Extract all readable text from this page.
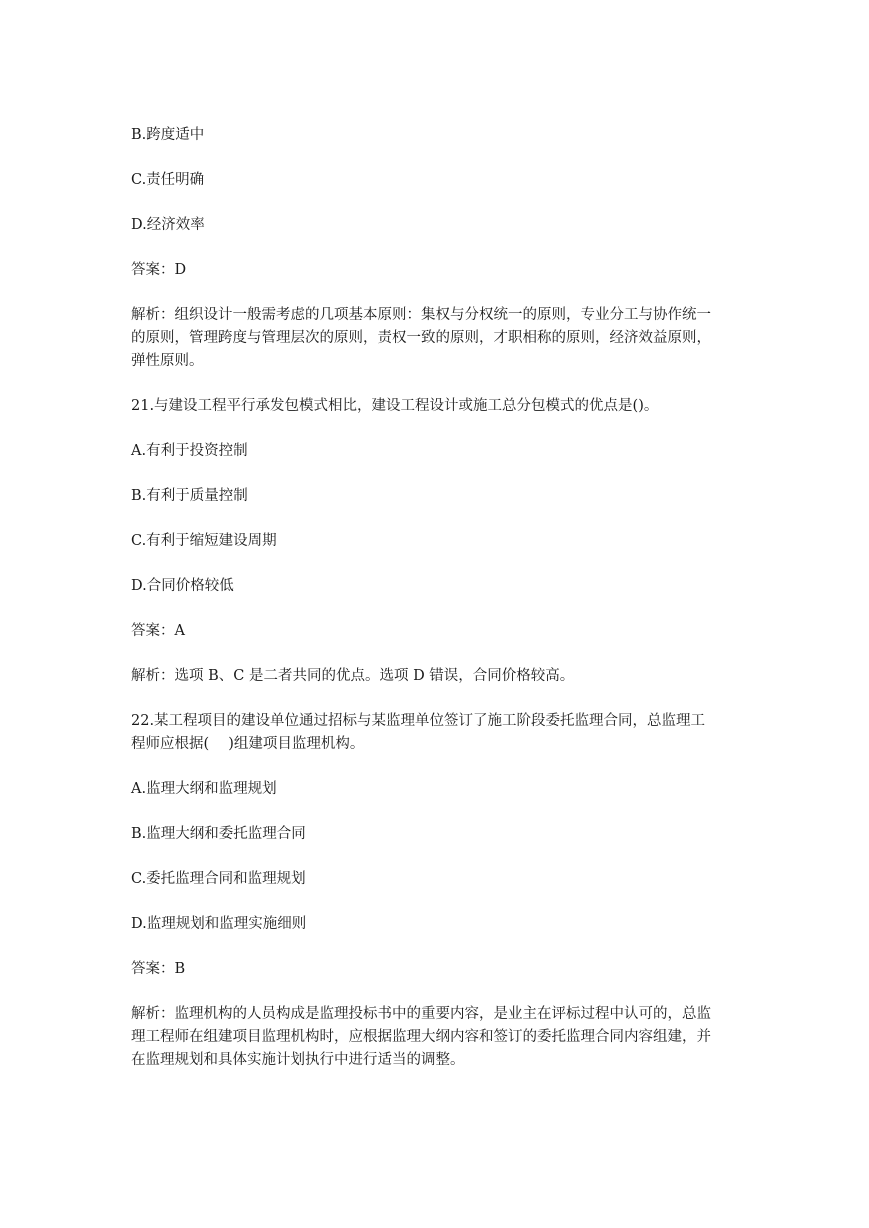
B.跨度适中

C.责任明确

D.经济效率

答案：D

解析：组织设计一般需考虑的几项基本原则：集权与分权统一的原则，专业分工与协作统一

的原则，管理跨度与管理层次的原则，责权一致的原则，才职相称的原则，经济效益原则，

弹性原则。

21.与建设工程平行承发包模式相比，建设工程设计或施工总分包模式的优点是()。

A.有利于投资控制

B.有利于质量控制

C.有利于缩短建设周期

D.合同价格较低

答案：A

解析：选项 B、C 是二者共同的优点。选项 D 错误，合同价格较高。

22.某工程项目的建设单位通过招标与某监理单位签订了施工阶段委托监理合同，总监理工

程师应根据(　 )组建项目监理机构。

A.监理大纲和监理规划

B.监理大纲和委托监理合同

C.委托监理合同和监理规划

D.监理规划和监理实施细则

答案：B

解析：监理机构的人员构成是监理投标书中的重要内容，是业主在评标过程中认可的，总监

理工程师在组建项目监理机构时，应根据监理大纲内容和签订的委托监理合同内容组建，并

在监理规划和具体实施计划执行中进行适当的调整。
